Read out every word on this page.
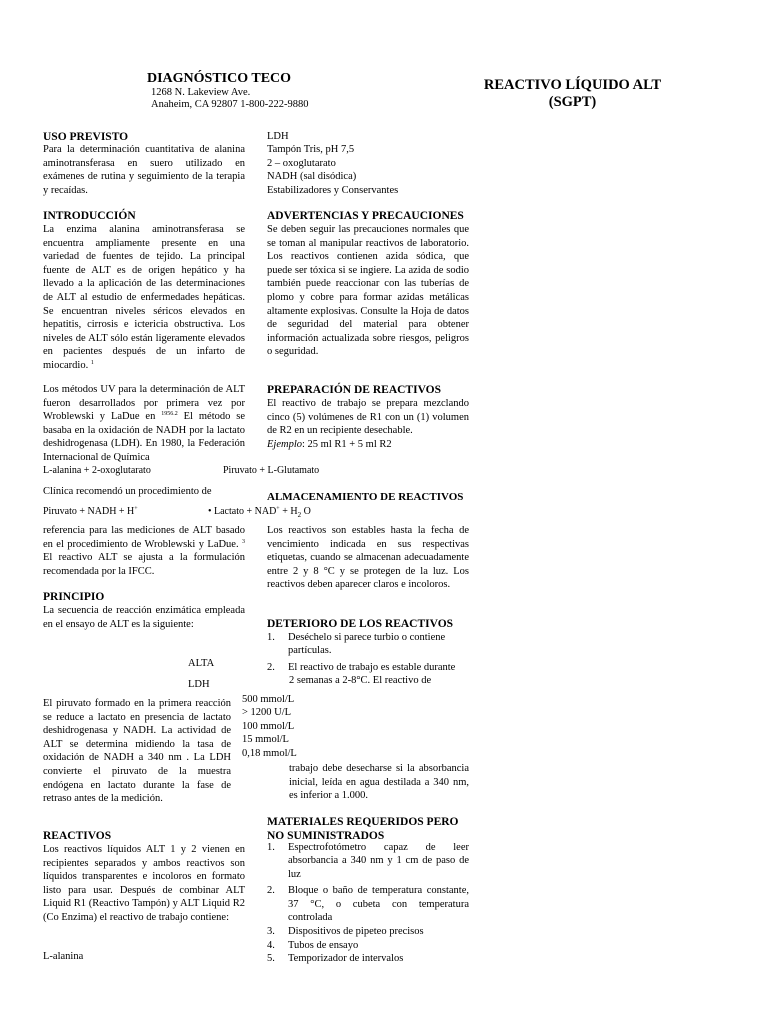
DIAGNÓSTICO TECO
1268 N. Lakeview Ave.
Anaheim, CA 92807 1-800-222-9880
REACTIVO LÍQUIDO ALT
(SGPT)
USO PREVISTO
Para la determinación cuantitativa de alanina aminotransferasa en suero utilizado en exámenes de rutina y seguimiento de la terapia y recaídas.
INTRODUCCIÓN
La enzima alanina aminotransferasa se encuentra ampliamente presente en una variedad de fuentes de tejido. La principal fuente de ALT es de origen hepático y ha llevado a la aplicación de las determinaciones de ALT al estudio de enfermedades hepáticas. Se encuentran niveles séricos elevados en hepatitis, cirrosis e ictericia obstructiva. Los niveles de ALT sólo están ligeramente elevados en pacientes después de un infarto de miocardio. $^1$
Los métodos UV para la determinación de ALT fueron desarrollados por primera vez por Wroblewski y LaDue en $^{1956.2}$ El método se basaba en la oxidación de NADH por la lactato deshidrogenasa (LDH). En 1980, la Federación Internacional de Química
L-alanina + 2-oxoglutarato	Piruvato + L-Glutamato
Clínica recomendó un procedimiento de
Piruvato + NADH + H+	• Lactato + $NAD^+ + H_2$ O
referencia para las mediciones de ALT basado en el procedimiento de Wroblewski y LaDue. $^3$ El reactivo ALT se ajusta a la formulación recomendada por la IFCC.
PRINCIPIO
La secuencia de reacción enzimática empleada en el ensayo de ALT es la siguiente:
ALTA
LDH
El piruvato formado en la primera reacción se reduce a lactato en presencia de lactato deshidrogenasa y NADH. La actividad de ALT se determina midiendo la tasa de oxidación de NADH a 340 nm . La LDH convierte el piruvato de la muestra endógena en lactato durante la fase de retraso antes de la medición.
500 mmol/L
> 1200 U/L
100 mmol/L
15 mmol/L
0,18 mmol/L
REACTIVOS
Los reactivos líquidos ALT 1 y 2 vienen en recipientes separados y ambos reactivos son líquidos transparentes e incoloros en formato listo para usar. Después de combinar ALT Liquid R1 (Reactivo Tampón) y ALT Liquid R2 (Co Enzima) el reactivo de trabajo contiene:
L-alanina
LDH
Tampón Tris, pH 7,5
2 – oxoglutarato
NADH (sal disódica)
Estabilizadores y Conservantes
ADVERTENCIAS Y PRECAUCIONES
Se deben seguir las precauciones normales que se toman al manipular reactivos de laboratorio. Los reactivos contienen azida sódica, que puede ser tóxica si se ingiere. La azida de sodio también puede reaccionar con las tuberías de plomo y cobre para formar azidas metálicas altamente explosivas. Consulte la Hoja de datos de seguridad del material para obtener información actualizada sobre riesgos, peligros o seguridad.
PREPARACIÓN DE REACTIVOS
El reactivo de trabajo se prepara mezclando cinco (5) volúmenes de R1 con un (1) volumen de R2 en un recipiente desechable.
Ejemplo: 25 ml R1 + 5 ml R2
ALMACENAMIENTO DE REACTIVOS
Los reactivos son estables hasta la fecha de vencimiento indicada en sus respectivas etiquetas, cuando se almacenan adecuadamente entre 2 y 8 °C y se protegen de la luz. Los reactivos deben aparecer claros e incoloros.
DETERIORO DE LOS REACTIVOS
1. Deséchelo si parece turbio o contiene partículas.
2. El reactivo de trabajo es estable durante
2 semanas a 2-8°C. El reactivo de
trabajo debe desecharse si la absorbancia inicial, leída en agua destilada a 340 nm, es inferior a 1.000.
MATERIALES REQUERIDOS PERO
NO SUMINISTRADOS
1. Espectrofotómetro capaz de leer absorbancia a 340 nm y 1 cm de paso de luz
2. Bloque o baño de temperatura constante, 37 °C, o cubeta con temperatura controlada
3. Dispositivos de pipeteo precisos
4. Tubos de ensayo
5. Temporizador de intervalos
